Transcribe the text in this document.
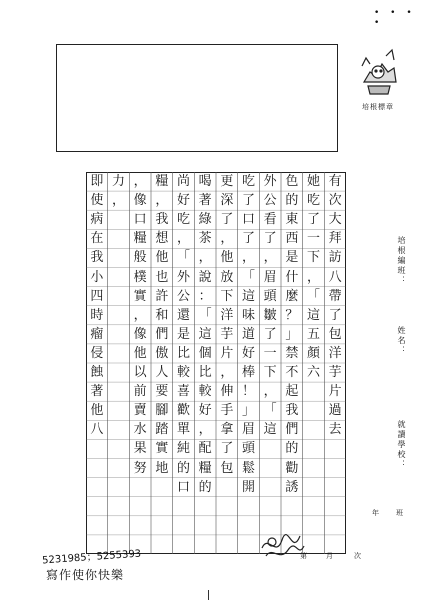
• • • •
培根標章
培根編班：
姓名：
就讀學校：
有
次
大
拜
訪
八
帶
了
包
洋
芋
片
過
去
她
吃
了
一
下
，
「
這
五
顏
六
色
的
東
西
是
什
麼
？
」
禁
不
起
我
們
的
勸
誘
外
公
看
了
，
眉
頭
皺
了
一
下
，
「
這
吃
了
口
了
，
「
這
味
道
好
棒
！
」
眉
頭
鬆
開
更
深
了
，
他
放
下
洋
芋
片
，
伸
手
拿
了
包
喝
著
綠
茶
，
說
：
「
這
個
比
較
好
，
配
糧
的
尚
好
吃
，
「
外
公
還
是
比
較
喜
歡
單
純
的
口
糧
，
我
想
他
也
許
和
們
傲
人
要
腳
踏
實
地
，
像
口
糧
般
樸
實
，
像
他
以
前
賣
水
果
努
力
，
即
使
病
在
我
小
四
時
瘤
侵
蝕
著
他
八
5231985；5255393
寫作使你快樂
第	月	次
年 班
